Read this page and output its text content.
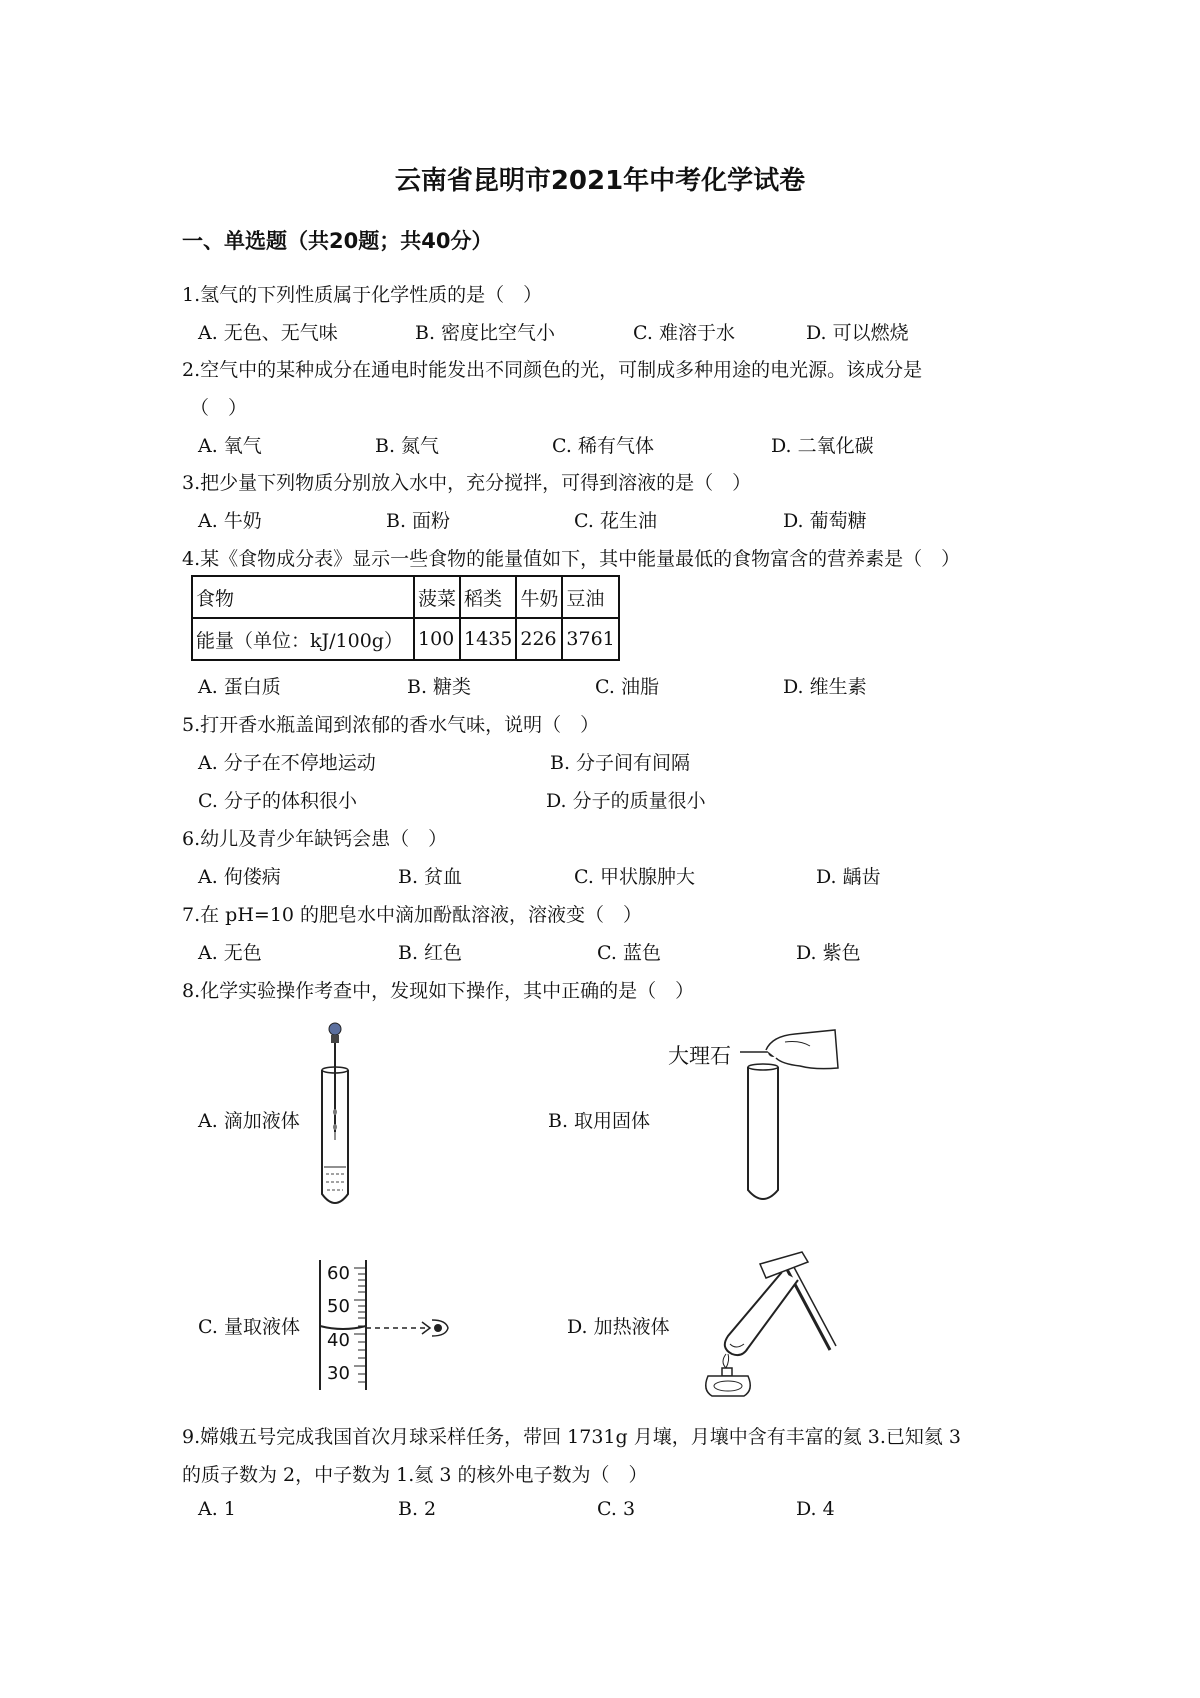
云南省昆明市2021年中考化学试卷
一、单选题（共20题；共40分）
1.氢气的下列性质属于化学性质的是（　）
A. 无色、无气味	B. 密度比空气小	C. 难溶于水	D. 可以燃烧
2.空气中的某种成分在通电时能发出不同颜色的光，可制成多种用途的电光源。该成分是
（　）
A. 氧气	B. 氮气	C. 稀有气体	D. 二氧化碳
3.把少量下列物质分别放入水中，充分搅拌，可得到溶液的是（　）
A. 牛奶	B. 面粉	C. 花生油	D. 葡萄糖
4.某《食物成分表》显示一些食物的能量值如下，其中能量最低的食物富含的营养素是（　）
食物	菠菜	稻类	牛奶	豆油
能量（单位：kJ/100g）	100	1435	226	3761
A. 蛋白质	B. 糖类	C. 油脂	D. 维生素
5.打开香水瓶盖闻到浓郁的香水气味，说明（　）
A. 分子在不停地运动	B. 分子间有间隔
C. 分子的体积很小	D. 分子的质量很小
6.幼儿及青少年缺钙会患（　）
A. 佝偻病	B. 贫血	C. 甲状腺肿大	D. 龋齿
7.在 pH=10 的肥皂水中滴加酚酞溶液，溶液变（　）
A. 无色	B. 红色	C. 蓝色	D. 紫色
8.化学实验操作考查中，发现如下操作，其中正确的是（　）
A. 滴加液体	B. 取用固体
C. 量取液体	D. 加热液体
大理石
60
50
40
30
9.嫦娥五号完成我国首次月球采样任务，带回 1731g 月壤，月壤中含有丰富的氦 3.已知氦 3
的质子数为 2，中子数为 1.氦 3 的核外电子数为（　）
A. 1	B. 2	C. 3	D. 4
